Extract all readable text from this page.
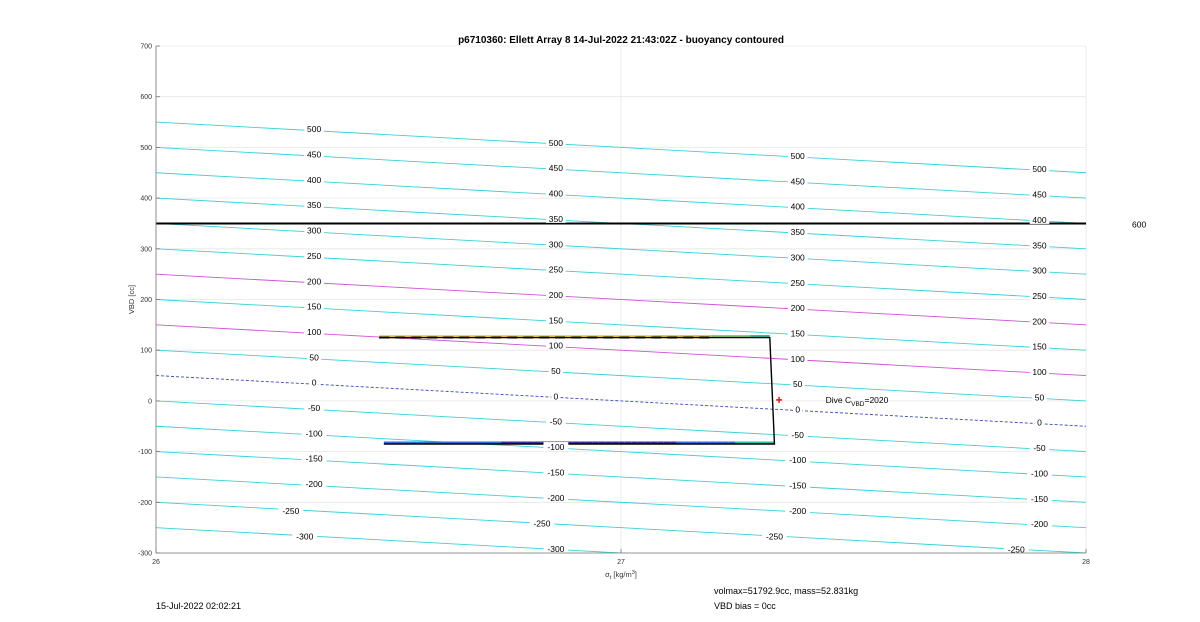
600
500
450
400
350
300
250
200
150
100
50
0
-50
-100
-150
-200
-250
-300
500
450
400
350
300
250
200
150
100
50
0
-50
-100
-150
-200
-250
-300
500
450
400
350
300
250
200
150
100
50
0
-50
-100
-150
-200
-250
500
450
400
350
300
250
200
150
100
50
0
-50
-100
-150
-200
-250
Dive $C_{VBD}=2020$
-300
-200
-100
0
100
200
300
400
500
600
700
26	27	28
VBD [cc]
$\sigma_t$ $[kg/m^3]$
p6710360: Ellett Array 8 14-Jul-2022 21:43:02Z - buoyancy contoured
15-Jul-2022 02:02:21
volmax=51792.9cc, mass=52.831kg
VBD bias = 0cc
